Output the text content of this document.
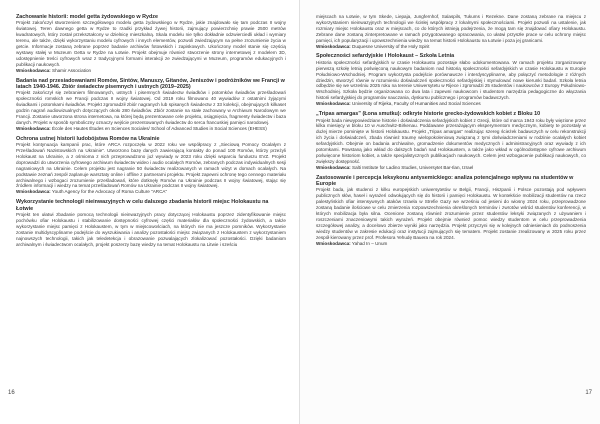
Zachowanie historii: model getta żydowskiego w Rydze

Projekt zakończył stworzeniem szczegółowego modelu getta żydowskiego w Rydze, jakie znajdowało się tam podczas II wojny światowej. Teren dawnego getta w Rydze to rzadki przykład żywej historii, zajmujący powierzchnię prawie 2500 metrów kwadratowych, który został przekształcony w dzielnicę mieszkalną. Skala modelu nie tylko dokładnie odzwierciedli układ i wymiary terenu, ale także, dzięki wykorzystaniu modelu cyfrowych i innych elementów, pozwoli zwiedzającym na pełne zrozumienie życia w getcie. Informacje zostaną zebrane poprzez badanie archiwów fotowskich i zapiskowych. Ukończony model stanie się częścią wystawy stałej w Muzeum Getta w Rydze na Łotwie. Projekt obejmuje również stworzenie strony internetowej z modelem 3D, udostępnienie treści cyfrowych wraz z tradycyjnymi formami interakcji ze zwiedzającymi w Muzeum, programów edukacyjnych i publikacji naukowych.

Wnioskodawca: Shamir Association
Badania nad przesiadowaniami Romów, Sintów, Manuszy, Gitanów, Jeniszów i podróżników we Francji w latach 1940-1946. Zbiór świadectw pisemnych i ustnych (2019–2025)

Projekt zakończył się zebraniem filmowanych, ustnych i pisemnych świadectw świadków i potomków świadków prześladowań społeczności romskich we Francji podczas II wojny światowej. Od 2019 roku filmowano 40 wywiadów z ostatnimi żyjącymi świadkami i potomkami świadków. Projekt zgromadził zbiór nagranych lub spisanych świadectw z 33 kolekcji, obejmujących kilkaset godzin nagrań audiowizualnych dotyczących około 280 świadków. Zbiór zostanie na stałe zachowany w Archiwum Narodowym we Francji. Zostanie utworzona strona internetowa, na której będą prezentowane cele projektu, osiągnięcia, fragmenty świadectw i baza danych. Projekt w sposób symboliczny oznaczy wejście prezentowanych świadectw do serca francuskiej pamięci narodowej.

Wnioskodawca: École des Hautes Études en Sciences Sociales/ School of Advanced Studies in Social Sciences (EHESS)
Ochrona ustnej historii ludobójstwa Romów na Ukrainie

Projekt kontynuacja kampanii prac, które ARCA rozpoczęła w 2022 roku we współpracy z „Sieciową Pomocy Ocalałym z Prześladowań Nazistowskich na Ukrainie”. Utworzono bazę danych zawierającą kontakty do ponad 100 Romów, którzy przeżyli Holokaust na Ukrainie, a z ośmioma z nich przeprowadzono już wywiady w 2023 roku dzięki wsparciu funduszu EVZ. Projekt doprowadzi do utworzenia cyfrowego archiwum świadectw wideo i audio ocalałych Romów, zebranych podczas indywidualnych sesji nagraniowych na Ukrainie. Celem projektu jest nagranie 50 świadectw realizowanych w ramach wizyt w domach ocalałych. Na podstawie zeznań zespół zaplanuje warsztaty online i offline z partnerami projektu. Projekt zapewni ochronę tego cennego materiału archiwalnego i wzbogaci zrozumienie prześladowań, które dotknęły Romów na Ukrainie podczas II wojny światowej, stając się źródłem informacji i wiedzy na temat prześladowań Romów na Ukrainie podczas II wojny światowej.

Wnioskodawca: Youth Agency for the Advocacy of Roma Culture "ARCA"
Wykorzystanie technologii nieinwazyjnych w celu dalszego zbadania historii miejsc Holokaustu na Łotwie

Projekt ten ułatwi zbadanie pomocą technologii nieinwazyjnych pracy dotyczącej Holokaustu poprzez zidentyfikowanie miejsc pochówku ofiar Holokaustu i stabilizowanie dostępności cyfrowej części materiałów dla społeczności żydowskich, a także wykorzystanie miejsc pamięci z Holokaustem, w tym w miejscowościach, na których nie ma jeszcze pomników. Wykorzystanie zostanie multidyscyplinarne podejście do wyszukiwania i analizy pozostałości miejsc związanych z Holokaustem z wykorzystaniem najnowszych technologii, takich jak teledetekcja i obrazowanie pozwalających zlokalizować pozostałości. Dzięki badaniom archiwalnym i świadectwom ocalałych, projekt poszerzy bazę wiedzy na temat Holokaustu na Litwie i sześciu

16

miejscach na Łotwie, w tym Skede, Liepaja, Jungfernhof, Salaspils, Tukums i Rezekne. Dane zostaną zebrane na miejscu z wykorzystaniem nieinwazyjnych technologii we ścisłej współpracy z lokalnymi społecznościami. Projekt pozwoli na ustalenie, jak rozmiary miejsc Holokaustu oraz w miejscach, co do których istnieją podejrzenia, że mogą tam się znajdować ofiary Holokaustu. Zebrane dane zostaną zinterpretowane w ramach przygotowanego opracowania, co ułatwi przyszłe prace w celu ochrony miejsc pamięci, ich popularyzacji i upowszechnienia wiedzy na temat historii Holokaustu na Łotwie i poza jej granicami.

Wnioskodawca: Duquesne University of the Holy Spirit
Społeczności sefardyjskie i Holokaust – Szkoła Letnia

Historia społeczności sefardyjskich w czasie Holokaustu pozostaje słabo udokumentowana. W ramach projektu zorganizowany pierwszą szkołę letnią poświęconą naukowym badaniom nad historią społeczności sefardyjskich w czasie Holokaustu w Europie Południowo-Wschodniej. Program wykorzysta podejście porównawcze i interdyscyplinarne, aby połączyć metodologie z różnych dziedzin, stworzyć równie w rozumieniu doświadczeń społeczności sefardyjskiej i stymulować nowe kierunki badań. Szkoła letnia odbędzie się we wrześniu 2025 roku na terenie Uniwersytetu w Rijece i zgromadzi 25 studentów i naukowców z Europy Południowo-Wschodniej. Szkoła będzie organizowana co dwa lata i zapewni naukowcom i studentom narzędzia pedagogiczne do włączania historii sefardyjskiej do programów nauczania, dyskursu publicznego i programów badawczych.

Wnioskodawca: University of Rijeka, Faculty of Humanities and Social Sciences
„Tripas amargas” (Łona smutku): odkryte historie grecko-żydowskich kobiet z Bloku 10

Projekt bada niewypowiedziane historie i doświadczenia sefardyjskich kobiet z Grecji, które od marca 1943 roku były więzione przez kilka miesięcy w bloku 10 w Auschwitz-Birkenau. Poddawane przerażającym eksperymentom medycznym, kobiety te pozostały w dużej mierze pominięte w historii Holokaustu. Projekt „Tripas amargas” realizując szereg ścieżek badawczych w celu rekonstrukcji ich życia i doświadczeń, zbada również traumę wielopokoleniową związaną z tymi doświadczeniami w rodzinie ocalałych kobiet sefardyjskich. Obejmie on badania archiwalne, gromadzenie dokumentów medycznych i administracyjnych oraz wywiady z ich potomkami. Powstaną jako wkład do dalszych badań nad Holokaustem, a także jako wkład w ogólnodostępne cyfrowe archiwum poświęcone historiom kobiet, a także specjalistycznych publikacjach naukowych. Celem jest wzbogacenie publikacji naukowych, co zwiększy dostępność.

Wnioskodawca: Salti Institute for Ladino Studies, Universytet Bar-Ilan, Izrael
Zastosowanie i percepcja leksykonu antysemickiego: analiza potencjalnego wpływu na studentów w Europie

Projekt bada, jak studenci z kilku europejskich uniwersytetów w Belgii, Francji, Hiszpanii i Polsce pozostają pod wpływem publicznych słów, haseł i wyrażeń odwołujących się do historii i pamięci Holokaustu. W kontekście mobilizacji studentów na rzecz palestyńskich ofiar intensywnych ataków Izraela w Strefie Gazy we wrześniu od jesieni do wiosny 2024 roku, przeprowadzone zostaną badanie ilościowe w celu zmierzenia rozpowszechnienia określonych terminów i zwrotów wśród studentów konferencji, w których mobilizacja była silna. Ocenione zostaną również zrozumienie przez studentów leksyki związanych z używaniem i roszczeniami znaczeniowymi takich wyrażeń. Projekt obejmie również pomoc wiedzy studentom w celu przeprowadzenia szczegółowej analizy, a docelowo zbierze wyniki jako narzędzia. Projekt przyczyni się w kolejnych odniesieniach do podnoszenia wiedzy studentów w zakresie edukacji oraz instytucji zajmujących się tematem. Projekt zostanie zrealizowany w 2025 roku przez zespół kierowany przez prof. Profesora Yehudę Bauera na rok 2024.

Wnioskodawca: Yahad In – Unum
17
